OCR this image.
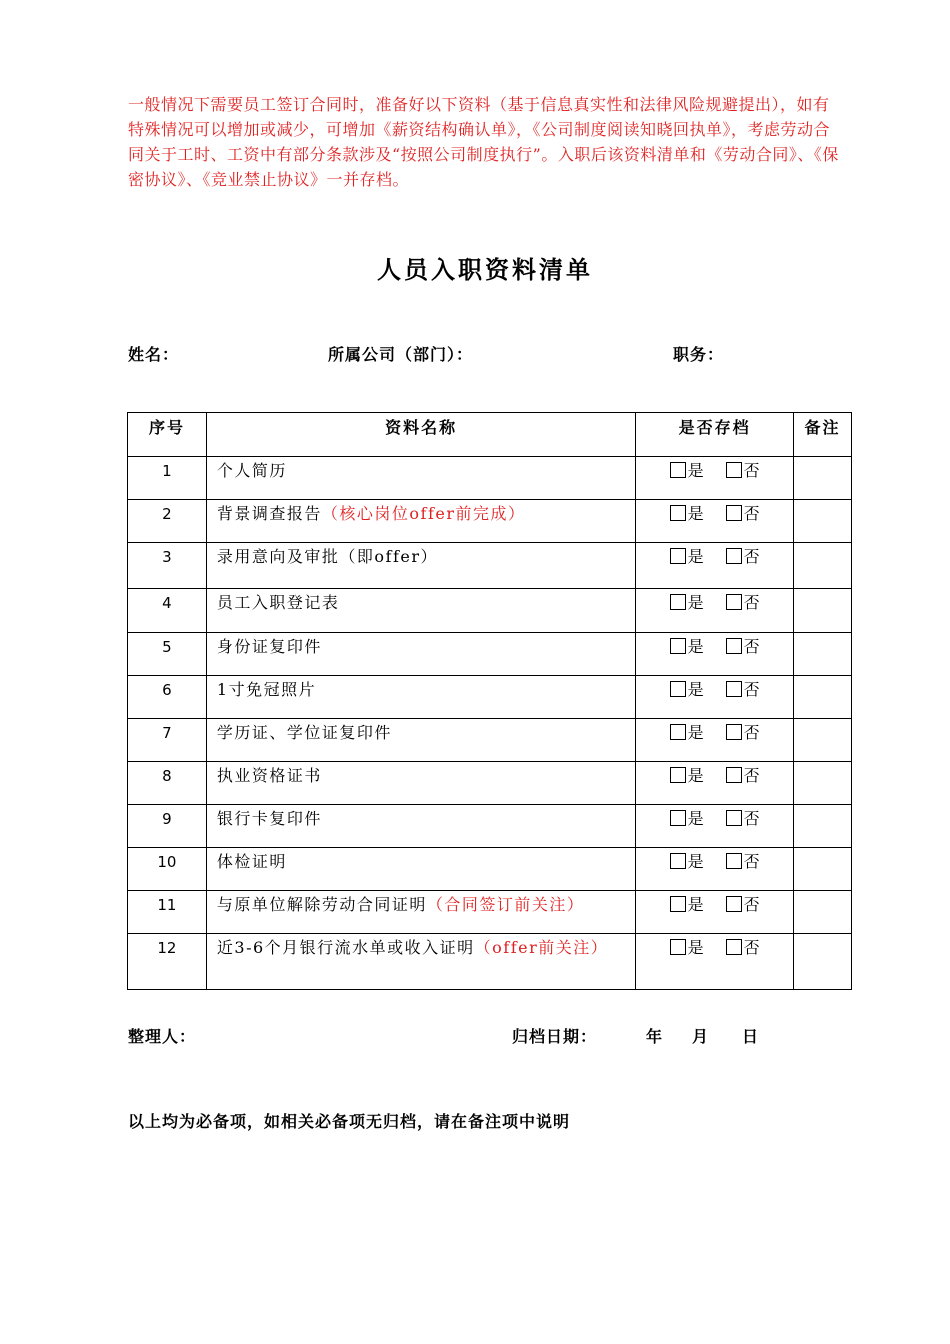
一般情况下需要员工签订合同时，准备好以下资料（基于信息真实性和法律风险规避提出），如有特殊情况可以增加或减少，可增加《薪资结构确认单》，《公司制度阅读知晓回执单》，考虑劳动合同关于工时、工资中有部分条款涉及“按照公司制度执行”。入职后该资料清单和《劳动合同》、《保密协议》、《竞业禁止协议》一并存档。
人员入职资料清单
姓名：	所属公司（部门）：	职务：
序号	资料名称	是否存档	备注
1	个人简历	是 否	
2	背景调查报告（核心岗位offer前完成）	是 否	
3	录用意向及审批（即offer）	是 否	
4	员工入职登记表	是 否	
5	身份证复印件	是 否	
6	1寸免冠照片	是 否	
7	学历证、学位证复印件	是 否	
8	执业资格证书	是 否	
9	银行卡复印件	是 否	
10	体检证明	是 否	
11	与原单位解除劳动合同证明（合同签订前关注）	是 否	
12	近3-6个月银行流水单或收入证明（offer前关注）	是 否	
整理人：	归档日期：	年 月 日
以上均为必备项，如相关必备项无归档，请在备注项中说明
